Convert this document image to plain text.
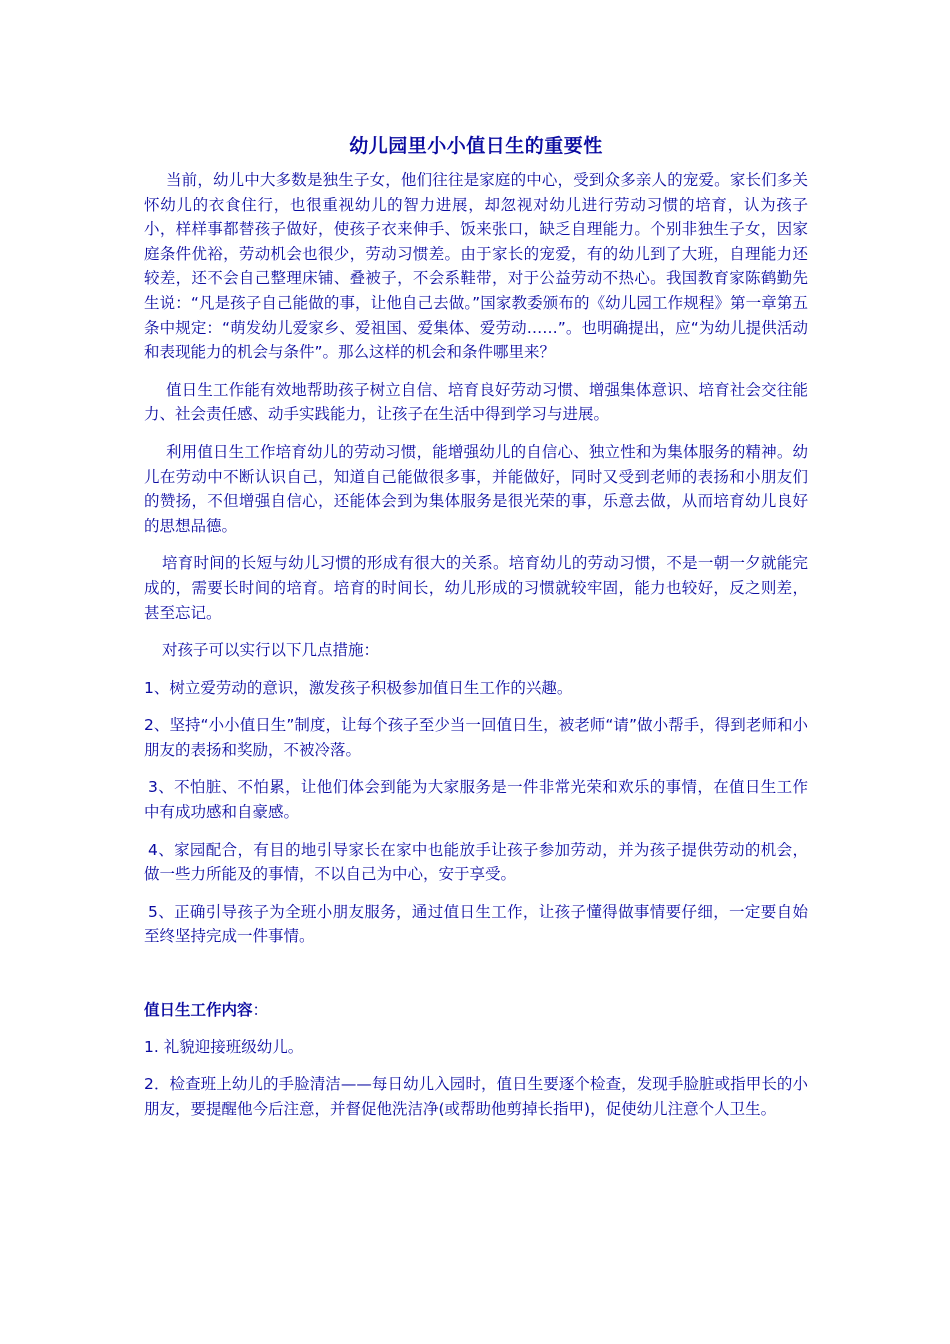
幼儿园里小小值日生的重要性

当前，幼儿中大多数是独生子女，他们往往是家庭的中心，受到众多亲人的宠爱。家长们多关怀幼儿的衣食住行，也很重视幼儿的智力进展，却忽视对幼儿进行劳动习惯的培育，认为孩子小，样样事都替孩子做好，使孩子衣来伸手、饭来张口，缺乏自理能力。个别非独生子女，因家庭条件优裕，劳动机会也很少，劳动习惯差。由于家长的宠爱，有的幼儿到了大班，自理能力还较差，还不会自己整理床铺、叠被子，不会系鞋带，对于公益劳动不热心。我国教育家陈鹤勤先生说：“凡是孩子自己能做的事，让他自己去做。”国家教委颁布的《幼儿园工作规程》第一章第五条中规定：“萌发幼儿爱家乡、爱祖国、爱集体、爱劳动……”。也明确提出，应“为幼儿提供活动和表现能力的机会与条件”。那么这样的机会和条件哪里来？

值日生工作能有效地帮助孩子树立自信、培育良好劳动习惯、增强集体意识、培育社会交往能力、社会责任感、动手实践能力，让孩子在生活中得到学习与进展。

利用值日生工作培育幼儿的劳动习惯，能增强幼儿的自信心、独立性和为集体服务的精神。幼儿在劳动中不断认识自己，知道自己能做很多事，并能做好，同时又受到老师的表扬和小朋友们的赞扬，不但增强自信心，还能体会到为集体服务是很光荣的事，乐意去做，从而培育幼儿良好的思想品德。

培育时间的长短与幼儿习惯的形成有很大的关系。培育幼儿的劳动习惯，不是一朝一夕就能完成的，需要长时间的培育。培育的时间长，幼儿形成的习惯就较牢固，能力也较好，反之则差，甚至忘记。

对孩子可以实行以下几点措施：

1、树立爱劳动的意识，激发孩子积极参加值日生工作的兴趣。

2、坚持“小小值日生”制度，让每个孩子至少当一回值日生，被老师“请”做小帮手，得到老师和小朋友的表扬和奖励，不被冷落。

3、不怕脏、不怕累，让他们体会到能为大家服务是一件非常光荣和欢乐的事情，在值日生工作中有成功感和自豪感。

4、家园配合，有目的地引导家长在家中也能放手让孩子参加劳动，并为孩子提供劳动的机会，做一些力所能及的事情，不以自己为中心，安于享受。

5、正确引导孩子为全班小朋友服务，通过值日生工作，让孩子懂得做事情要仔细，一定要自始至终坚持完成一件事情。

值日生工作内容：

1. 礼貌迎接班级幼儿。

2．检查班上幼儿的手脸清洁——每日幼儿入园时，值日生要逐个检查，发现手脸脏或指甲长的小朋友，要提醒他今后注意，并督促他洗洁净(或帮助他剪掉长指甲)，促使幼儿注意个人卫生。
